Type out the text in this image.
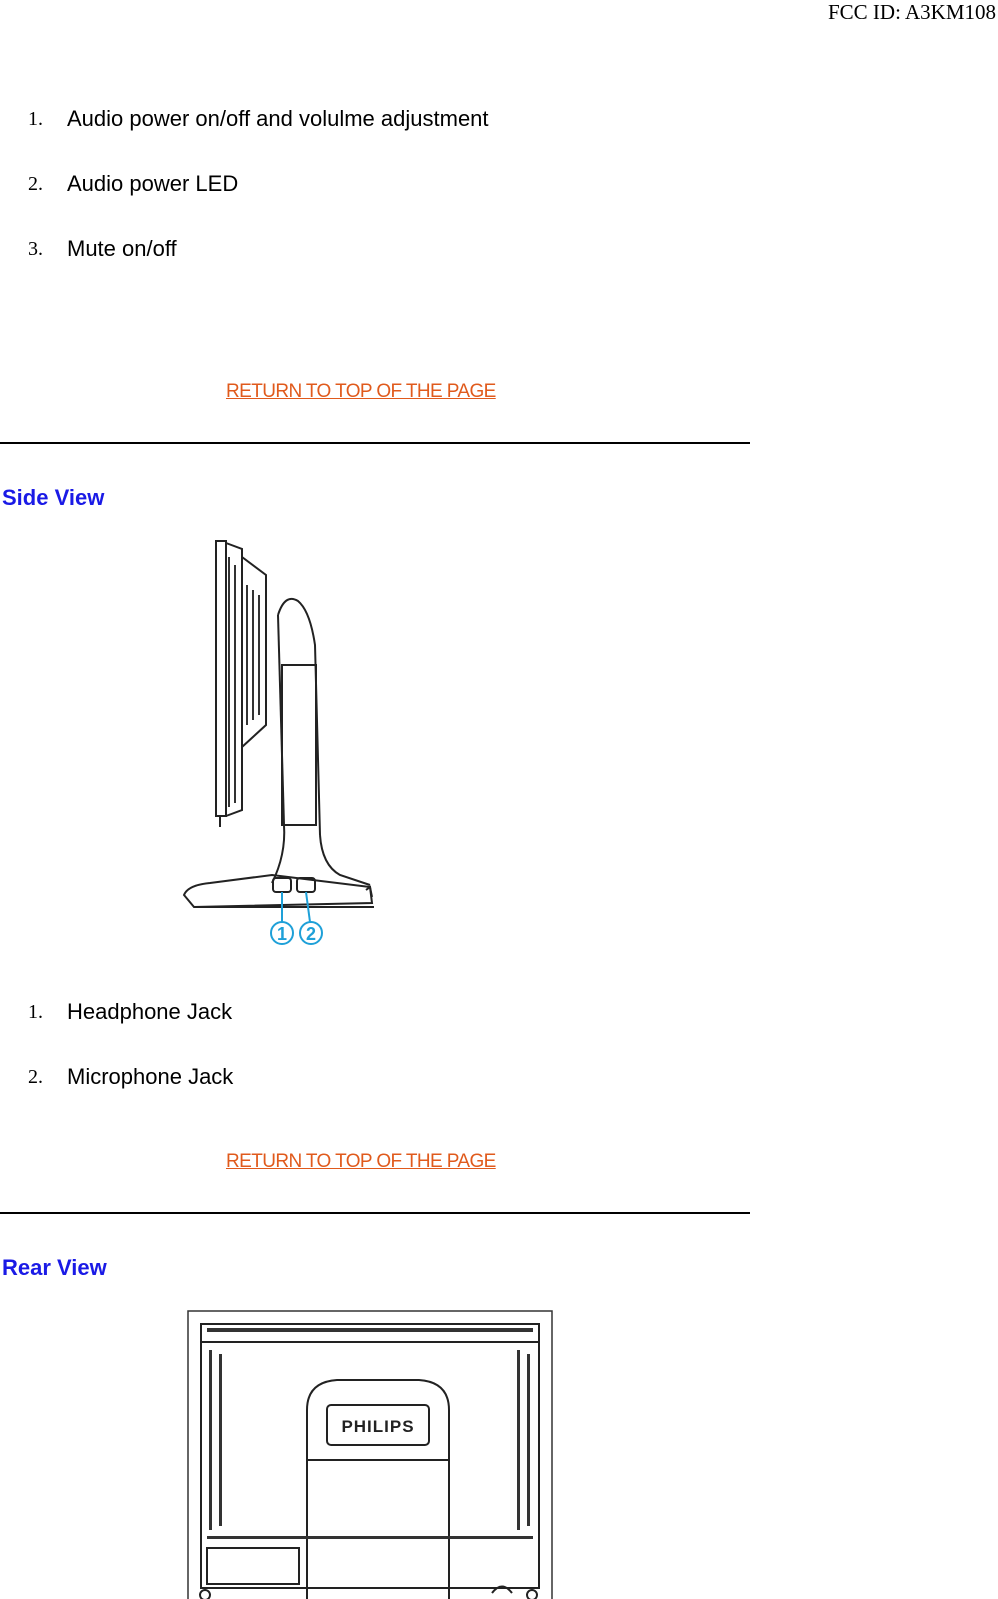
FCC ID: A3KM108
1. Audio power on/off and volulme adjustment
2. Audio power LED
3. Mute on/off
RETURN TO TOP OF THE PAGE
Side View
1 2
1. Headphone Jack
2. Microphone Jack
RETURN TO TOP OF THE PAGE
Rear View
PHILIPS
